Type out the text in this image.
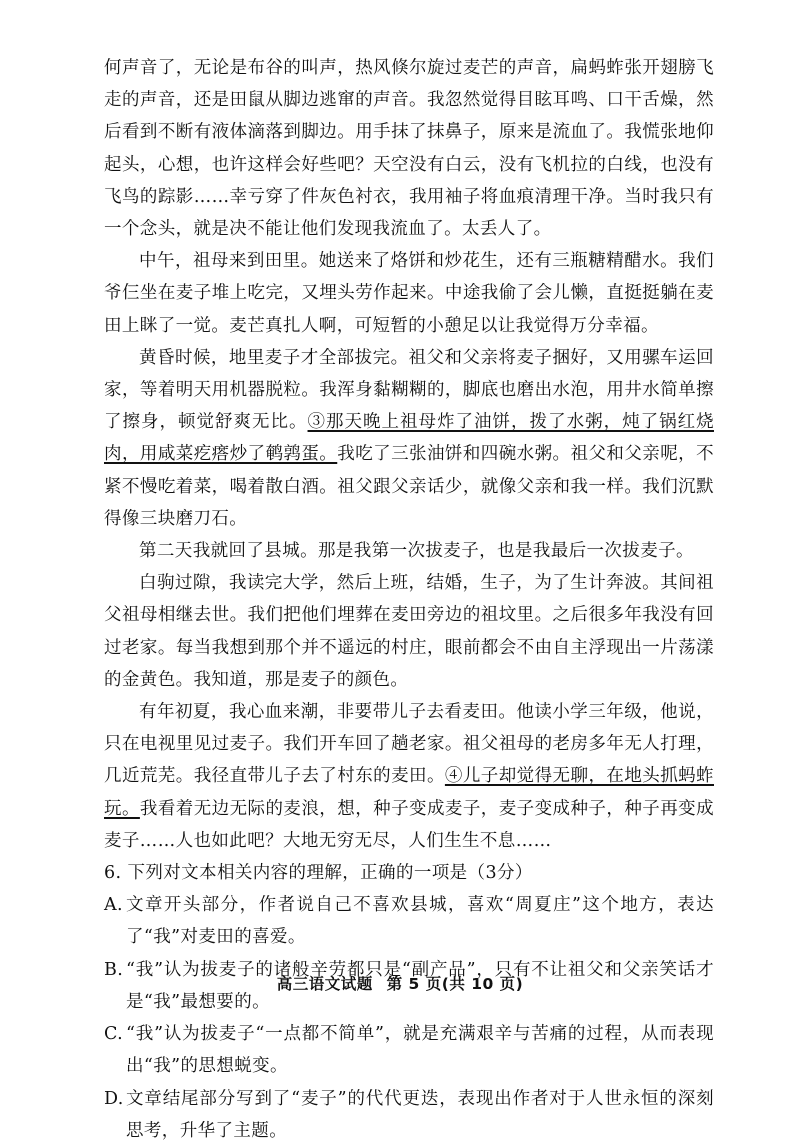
何声音了，无论是布谷的叫声，热风倏尔旋过麦芒的声音，扁蚂蚱张开翅膀飞走的声音，还是田鼠从脚边逃窜的声音。我忽然觉得目眩耳鸣、口干舌燥，然后看到不断有液体滴落到脚边。用手抹了抹鼻子，原来是流血了。我慌张地仰起头，心想，也许这样会好些吧？天空没有白云，没有飞机拉的白线，也没有飞鸟的踪影……幸亏穿了件灰色衬衣，我用袖子将血痕清理干净。当时我只有一个念头，就是决不能让他们发现我流血了。太丢人了。

中午，祖母来到田里。她送来了烙饼和炒花生，还有三瓶糖精醋水。我们爷仨坐在麦子堆上吃完，又埋头劳作起来。中途我偷了会儿懒，直挺挺躺在麦田上眯了一觉。麦芒真扎人啊，可短暂的小憩足以让我觉得万分幸福。

黄昏时候，地里麦子才全部拔完。祖父和父亲将麦子捆好，又用骡车运回家，等着明天用机器脱粒。我浑身黏糊糊的，脚底也磨出水泡，用井水简单擦了擦身，顿觉舒爽无比。③那天晚上祖母炸了油饼，拨了水粥，炖了锅红烧肉，用咸菜疙瘩炒了鹌鹑蛋。我吃了三张油饼和四碗水粥。祖父和父亲呢，不紧不慢吃着菜，喝着散白酒。祖父跟父亲话少，就像父亲和我一样。我们沉默得像三块磨刀石。

第二天我就回了县城。那是我第一次拔麦子，也是我最后一次拔麦子。

白驹过隙，我读完大学，然后上班，结婚，生子，为了生计奔波。其间祖父祖母相继去世。我们把他们埋葬在麦田旁边的祖坟里。之后很多年我没有回过老家。每当我想到那个并不遥远的村庄，眼前都会不由自主浮现出一片荡漾的金黄色。我知道，那是麦子的颜色。

有年初夏，我心血来潮，非要带儿子去看麦田。他读小学三年级，他说，只在电视里见过麦子。我们开车回了趟老家。祖父祖母的老房多年无人打理，几近荒芜。我径直带儿子去了村东的麦田。④儿子却觉得无聊，在地头抓蚂蚱玩。我看着无边无际的麦浪，想，种子变成麦子，麦子变成种子，种子再变成麦子……人也如此吧？大地无穷无尽，人们生生不息……

6. 下列对文本相关内容的理解，正确的一项是（3分）

A. 文章开头部分，作者说自己不喜欢县城，喜欢“周夏庄”这个地方，表达了“我”对麦田的喜爱。
B. “我”认为拔麦子的诸般辛劳都只是“副产品”，只有不让祖父和父亲笑话才是“我”最想要的。
C. “我”认为拔麦子“一点都不简单”，就是充满艰辛与苦痛的过程，从而表现出“我”的思想蜕变。
D. 文章结尾部分写到了“麦子”的代代更迭，表现出作者对于人世永恒的深刻思考，升华了主题。
高三语文试题 第 5 页(共 10 页)
